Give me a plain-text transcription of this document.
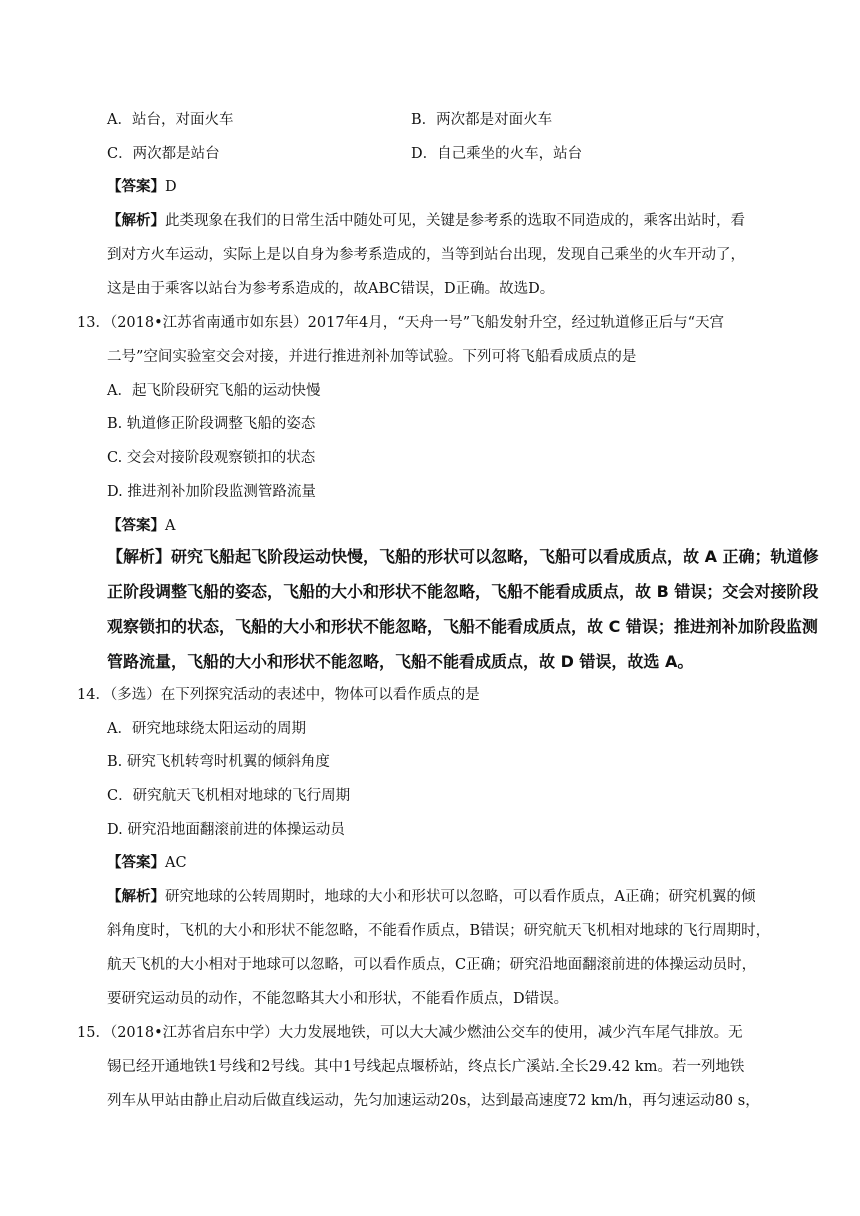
A．站台，对面火车	B．两次都是对面火车
C．两次都是站台	D．自己乘坐的火车，站台
【答案】D
【解析】此类现象在我们的日常生活中随处可见，关键是参考系的选取不同造成的，乘客出站时，看
到对方火车运动，实际上是以自身为参考系造成的，当等到站台出现，发现自己乘坐的火车开动了，
这是由于乘客以站台为参考系造成的，故ABC错误，D正确。故选D。
13．（2018•江苏省南通市如东县）2017年4月，“天舟一号”飞船发射升空，经过轨道修正后与“天宫
二号”空间实验室交会对接，并进行推进剂补加等试验。下列可将飞船看成质点的是
A．起飞阶段研究飞船的运动快慢
B. 轨道修正阶段调整飞船的姿态
C. 交会对接阶段观察锁扣的状态
D. 推进剂补加阶段监测管路流量
【答案】A
【解析】研究飞船起飞阶段运动快慢，飞船的形状可以忽略，飞船可以看成质点，故 A 正确；轨道修
正阶段调整飞船的姿态，飞船的大小和形状不能忽略，飞船不能看成质点，故 B 错误；交会对接阶段
观察锁扣的状态，飞船的大小和形状不能忽略，飞船不能看成质点，故 C 错误；推进剂补加阶段监测
管路流量，飞船的大小和形状不能忽略，飞船不能看成质点，故 D 错误，故选 A。
14．（多选）在下列探究活动的表述中，物体可以看作质点的是
A．研究地球绕太阳运动的周期
B. 研究飞机转弯时机翼的倾斜角度
C．研究航天飞机相对地球的飞行周期
D. 研究沿地面翻滚前进的体操运动员
【答案】AC
【解析】研究地球的公转周期时，地球的大小和形状可以忽略，可以看作质点，A正确；研究机翼的倾
斜角度时，飞机的大小和形状不能忽略，不能看作质点，B错误；研究航天飞机相对地球的飞行周期时，
航天飞机的大小相对于地球可以忽略，可以看作质点，C正确；研究沿地面翻滚前进的体操运动员时，
要研究运动员的动作，不能忽略其大小和形状，不能看作质点，D错误。
15．（2018•江苏省启东中学）大力发展地铁，可以大大减少燃油公交车的使用，减少汽车尾气排放。无
锡已经开通地铁1号线和2号线。其中1号线起点堰桥站，终点长广溪站.全长29.42 km。若一列地铁
列车从甲站由静止启动后做直线运动，先匀加速运动20s，达到最高速度72 km/h，再匀速运动80 s，
